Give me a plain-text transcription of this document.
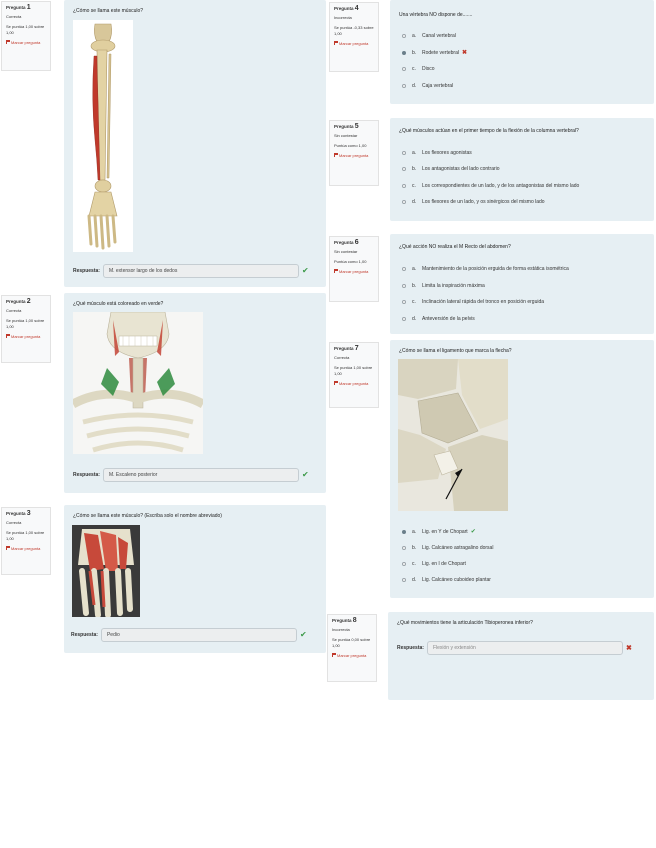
Pregunta 1
Correcta
Se puntúa 1,00 sobre 1,00
Marcar pregunta
¿Cómo se llama este músculo?
Respuesta:	M. extensor largo de los dedos	✔
Pregunta 2
Correcta
Se puntúa 1,00 sobre 1,00
Marcar pregunta
¿Qué músculo está coloreado en verde?
Respuesta:	M. Escaleno posterior	✔
Pregunta 3
Correcta
Se puntúa 1,00 sobre 1,00
Marcar pregunta
¿Cómo se llama este músculo? (Escriba solo el nombre abreviado)
Respuesta:	Pedio	✔
Pregunta 4
Incorrecta
Se puntúa -0,33 sobre 1,00
Marcar pregunta
Una vértebra NO dispone de.......
a.	Canal vertebral
b.	Rodete vertebral ✖
c.	Disco
d.	Caja vertebral
Pregunta 5
Sin contestar
Puntúa como 1,00
Marcar pregunta
¿Qué músculos actúan en el primer tiempo de la flexión de la columna vertebral?
a.	Los flexores agonistas
b.	Los antagonistas del lado contrario
c.	Los correspondientes de un lado, y de los antagonistas del mismo lado
d.	Los flexores de un lado, y os sinérgicos del mismo lado
Pregunta 6
Sin contestar
Puntúa como 1,00
Marcar pregunta
¿Qué acción NO realiza el M Recto del abdomen?
a.	Mantenimiento de la posición erguida de forma estática isométrica
b.	Limita la inspiración máxima
c.	Inclinación lateral rápida del tronco en posición erguida
d.	Anteversión de la pelvis
Pregunta 7
Correcta
Se puntúa 1,00 sobre 1,00
Marcar pregunta
¿Cómo se llama el ligamento que marca la flecha?
a.	Lig. en Y de Chopart ✔
b.	Lig. Calcáneo astragalino dorsal
c.	Lig. en I de Chopart
d.	Lig. Calcáneo cuboideo plantar
Pregunta 8
Incorrecta
Se puntúa 0,00 sobre 1,00
Marcar pregunta
¿Qué movimientos tiene la articulación Tibioperonea inferior?
Respuesta:	Flexión y extensión	✖
